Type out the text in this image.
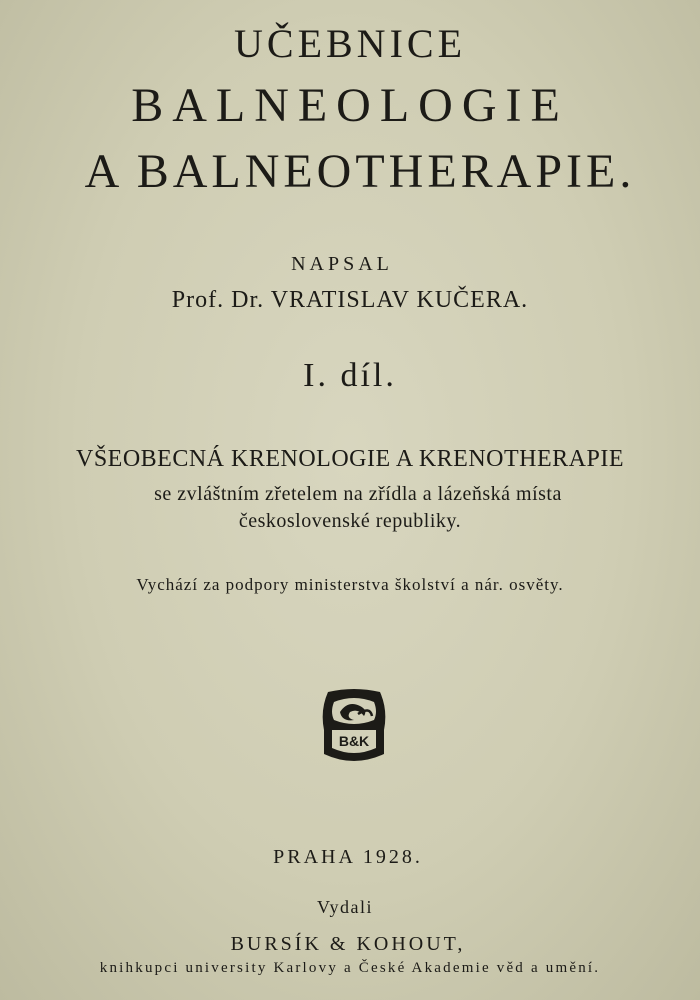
UČEBNICE
BALNEOLOGIE
A BALNEOTHERAPIE.
NAPSAL
Prof. Dr. VRATISLAV KUČERA.
I. díl.
VŠEOBECNÁ KRENOLOGIE A KRENOTHERAPIE
se zvláštním zřetelem na zřídla a lázeňská místa
československé republiky.
Vychází za podpory ministerstva školství a nár. osvěty.
B&K
PRAHA 1928.
Vydali
BURSÍK & KOHOUT,
knihkupci university Karlovy a České Akademie věd a umění.
